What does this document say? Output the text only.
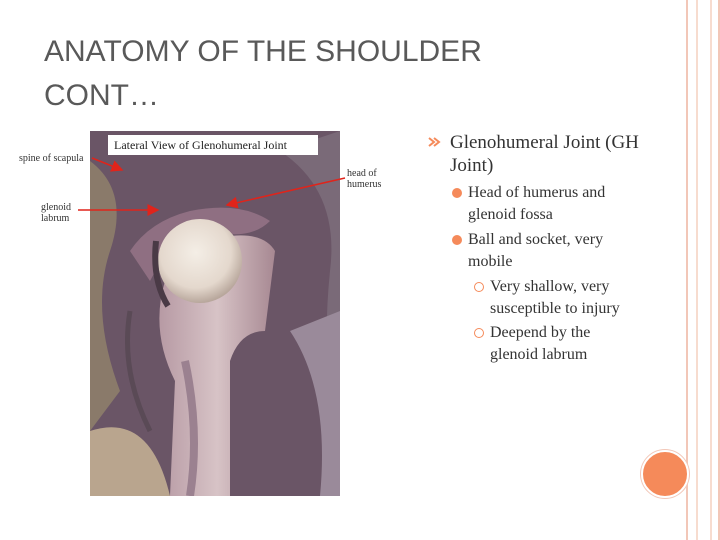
ANATOMY OF THE SHOULDER CONT…
Lateral View of Glenohumeral Joint
spine of scapula
glenoid
labrum
head of
humerus
Glenohumeral Joint (GH Joint)
Head of humerus and glenoid fossa
Ball and socket, very mobile
Very shallow, very susceptible to injury
Deepend by the glenoid labrum
